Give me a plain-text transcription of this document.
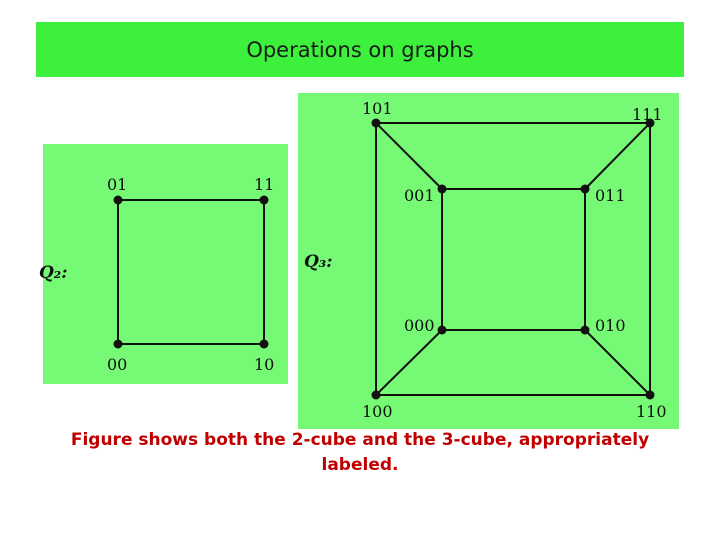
Operations on graphs
01	11
00	10
Q₂:
101	111
001	011
000	010
100	110
Q₃:
Figure shows both the 2-cube and the 3-cube, appropriately labeled.
